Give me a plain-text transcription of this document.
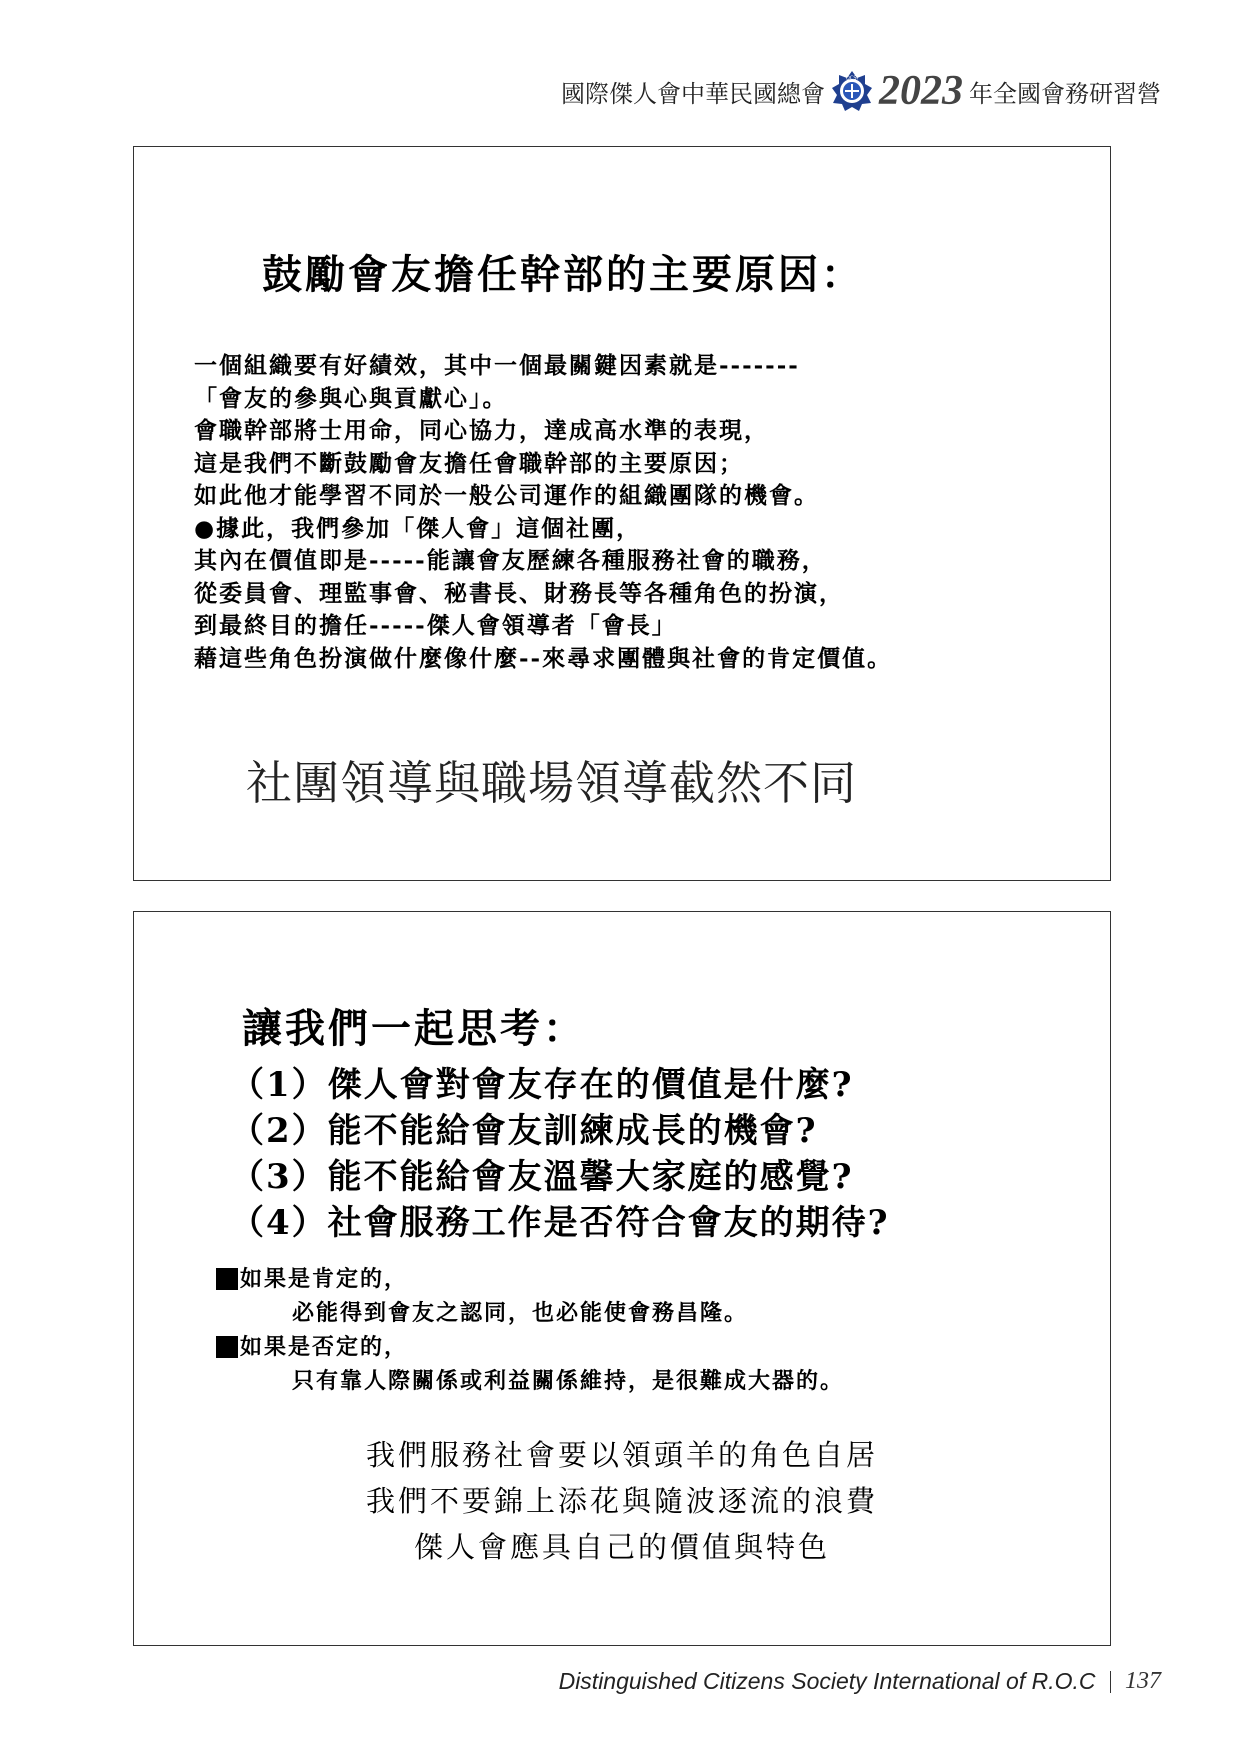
國際傑人會中華民國總會
DCSI 2023 年全國會務研習營
鼓勵會友擔任幹部的主要原因：
一個組織要有好績效，其中一個最關鍵因素就是-------
「會友的參與心與貢獻心」。
會職幹部將士用命，同心協力，達成高水準的表現，
這是我們不斷鼓勵會友擔任會職幹部的主要原因；
如此他才能學習不同於一般公司運作的組織團隊的機會。
●據此，我們參加「傑人會」這個社團，
其內在價值即是-----能讓會友歷練各種服務社會的職務，
從委員會、理監事會、秘書長、財務長等各種角色的扮演，
到最終目的擔任-----傑人會領導者「會長」
藉這些角色扮演做什麼像什麼--來尋求團體與社會的肯定價值。
社團領導與職場領導截然不同
讓我們一起思考：
（1）傑人會對會友存在的價值是什麼?
（2）能不能給會友訓練成長的機會?
（3）能不能給會友溫馨大家庭的感覺?
（4）社會服務工作是否符合會友的期待?
如果是肯定的，
必能得到會友之認同，也必能使會務昌隆。
如果是否定的，
只有靠人際關係或利益關係維持，是很難成大器的。
我們服務社會要以領頭羊的角色自居
我們不要錦上添花與隨波逐流的浪費
傑人會應具自己的價值與特色
Distinguished Citizens Society International of R.O.C 137
